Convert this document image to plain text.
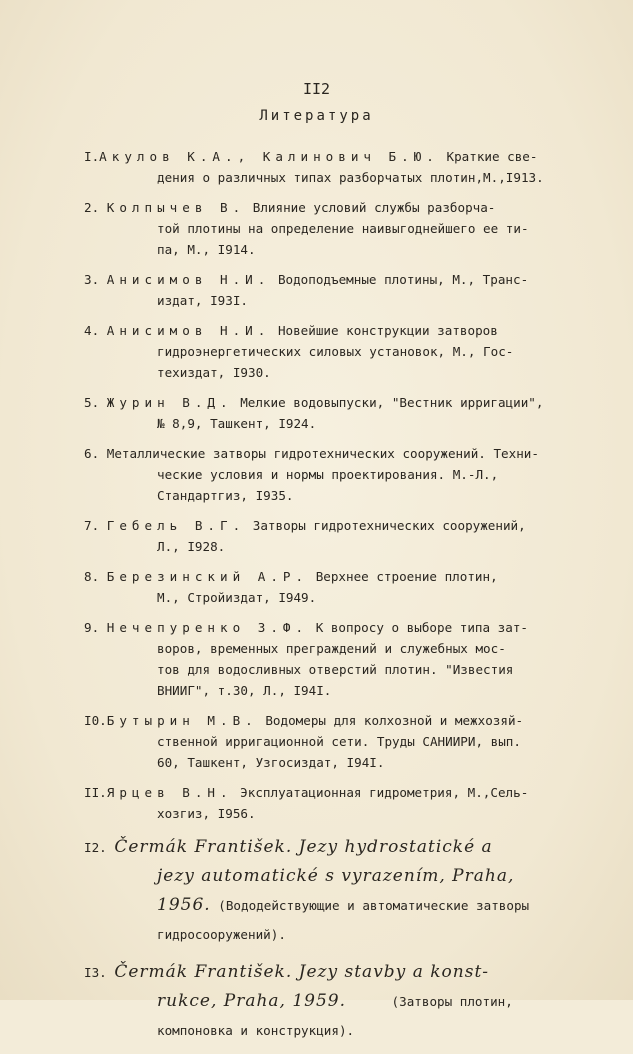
II2
Литература
I.Акулов К.А., Калинович Б.Ю. Краткие све-
дения о различных типах разборчатых плотин,М.,I913.
2. Колпычев В. Влияние условий службы разборча-
той плотины на определение наивыгоднейшего ее ти-
па, М., I914.
3. Анисимов Н.И. Водоподъемные плотины, М., Транс-
издат, I93I.
4. Анисимов Н.И. Новейшие конструкции затворов
гидроэнергетических силовых установок, М., Гос-
техиздат, I930.
5. Журин В.Д. Мелкие водовыпуски, "Вестник ирригации",
№ 8,9, Ташкент, I924.
6. Металлические затворы гидротехнических сооружений. Техни-
ческие условия и нормы проектирования. М.-Л.,
Стандартгиз, I935.
7. Гебель В.Г. Затворы гидротехнических сооружений,
Л., I928.
8. Березинский А.Р. Верхнее строение плотин,
М., Стройиздат, I949.
9. Нечепуренко З.Ф. К вопросу о выборе типа зат-
воров, временных преграждений и служебных мос-
тов для водосливных отверстий плотин. "Известия
ВНИИГ", т.30, Л., I94I.
I0.Бутырин М.В. Водомеры для колхозной и межхозяй-
ственной ирригационной сети. Труды САНИИРИ, вып.
60, Ташкент, Узгосиздат, I94I.
II.Ярцев В.Н. Эксплуатационная гидрометрия, М.,Сель-
хозгиз, I956.
I2. Čermák František. Jezy hydrostatické a
jezy automatické s vyrazením, Praha,
1956. (Вододействующие и автоматические затворы
гидросооружений).
I3. Čermák František. Jezy stavby a konst-
rukce, Praha, 1959.	(Затворы плотин,
компоновка и конструкция).
